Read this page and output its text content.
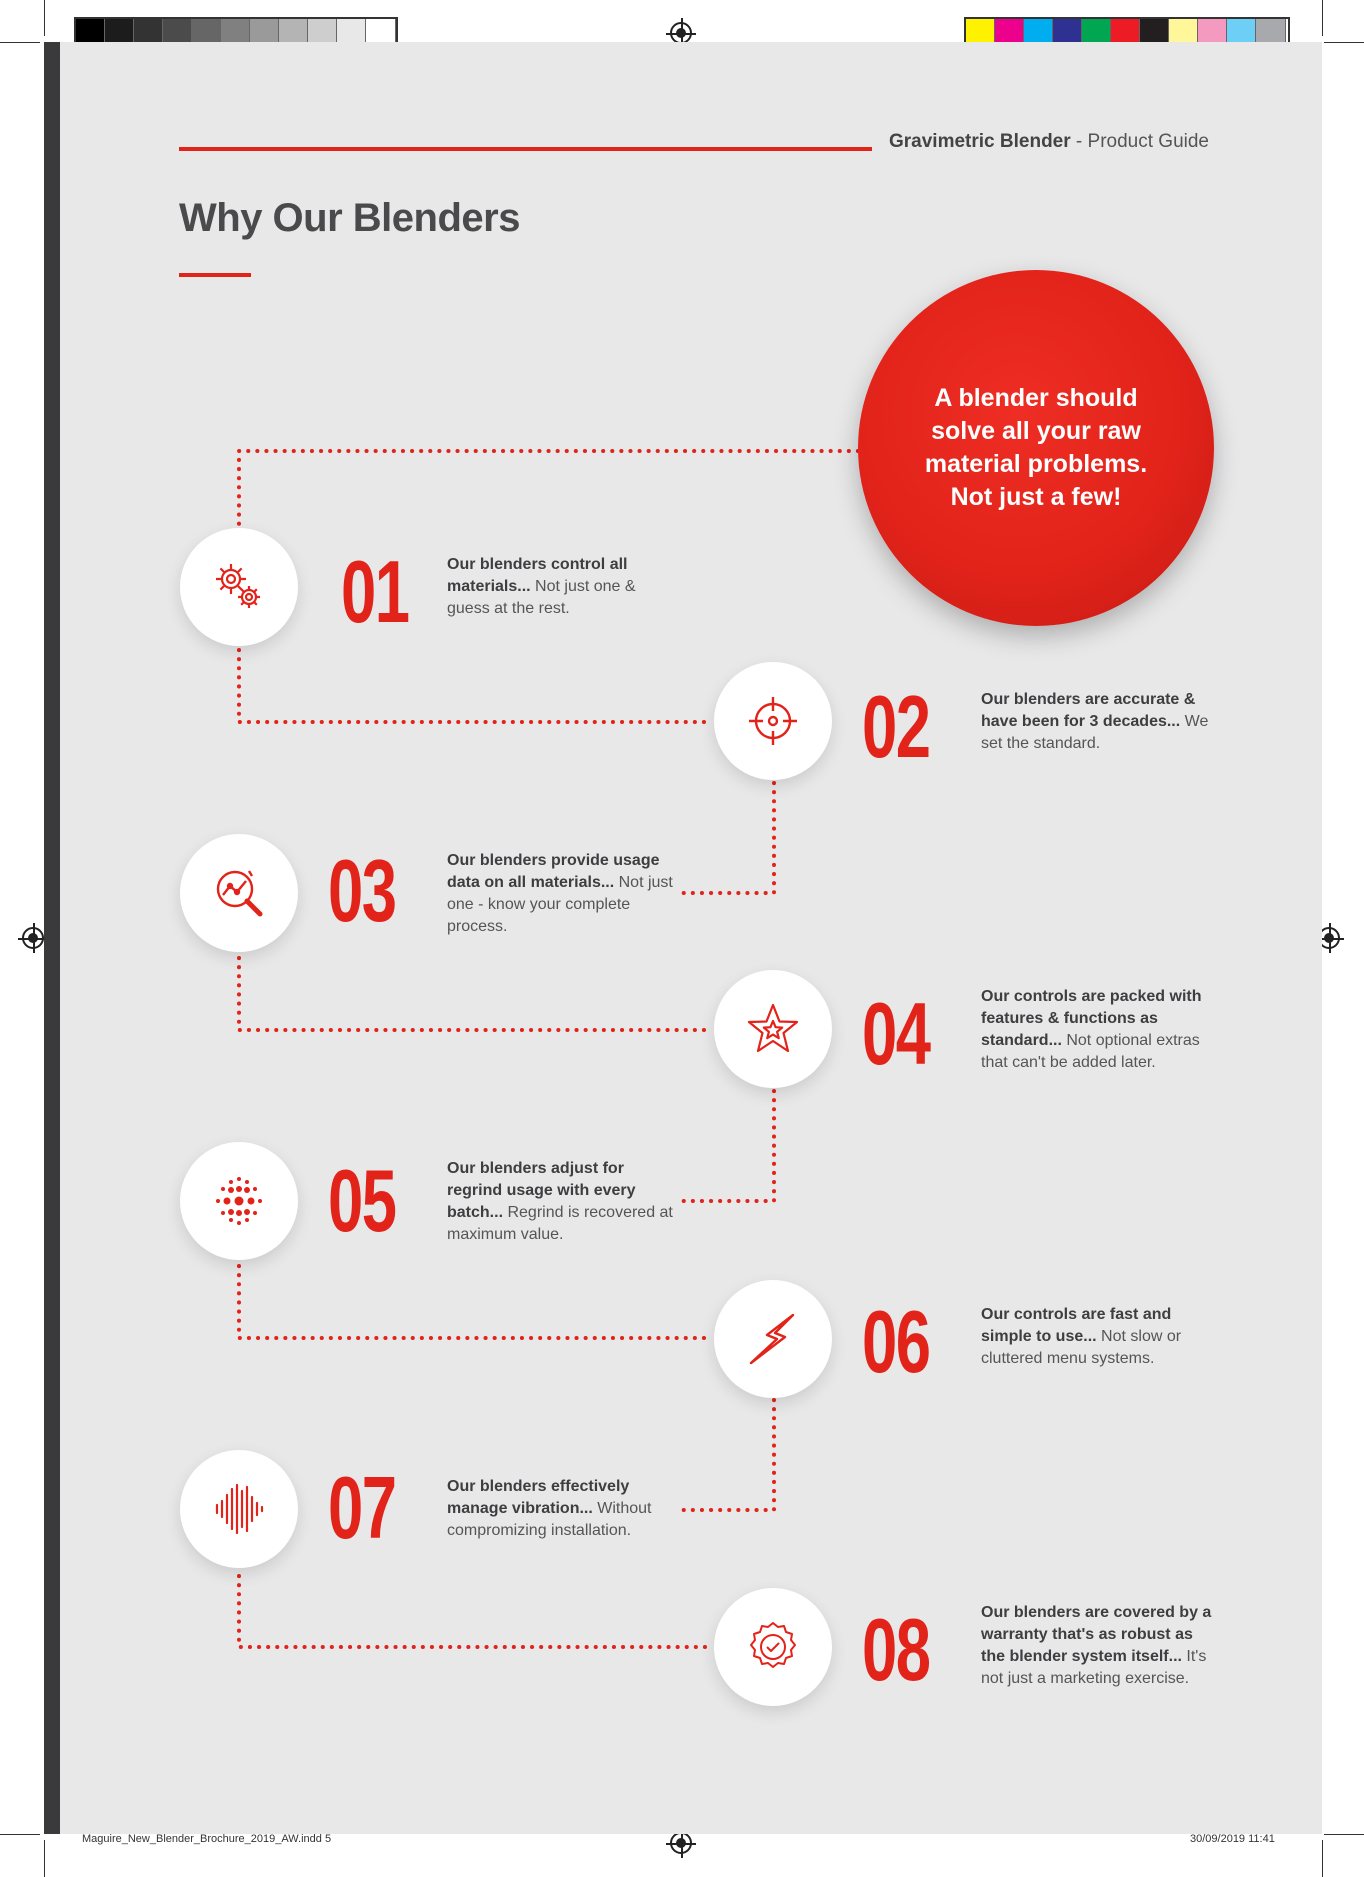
Gravimetric Blender - Product Guide
Why Our Blenders
A blender should solve all your raw material problems. Not just a few!
01 Our blenders control all materials... Not just one & guess at the rest.
02	Our blenders are accurate & have been for 3 decades... We set the standard.
03	Our blenders provide usage data on all materials... Not just one - know your complete process.
04	Our controls are packed with features & functions as standard... Not optional extras that can't be added later.
05	Our blenders adjust for regrind usage with every batch... Regrind is recovered at maximum value.
06	Our controls are fast and simple to use... Not slow or cluttered menu systems.
07	Our blenders effectively manage vibration... Without compromizing installation.
08	Our blenders are covered by a warranty that's as robust as the blender system itself... It's not just a marketing exercise.
Maguire_New_Blender_Brochure_2019_AW.indd 5	30/09/2019 11:41
